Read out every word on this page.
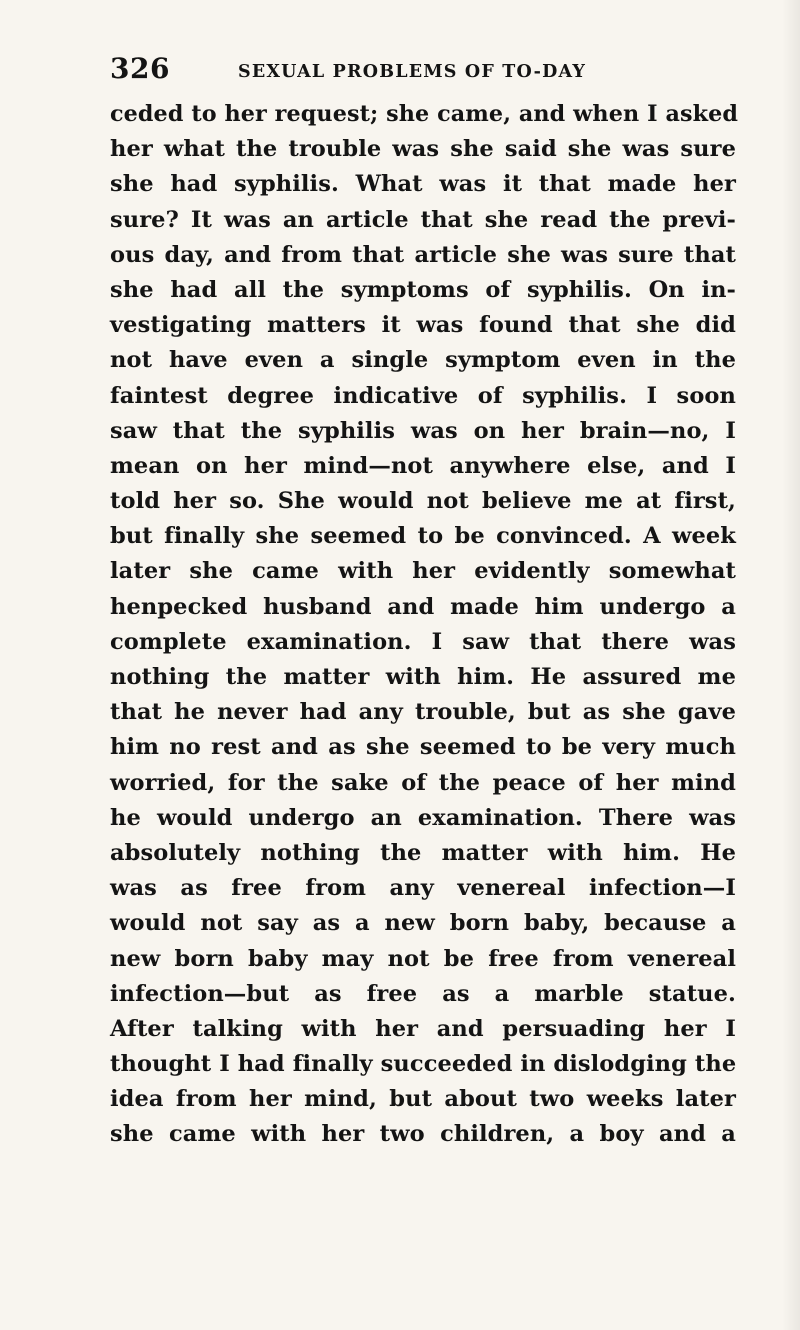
326	SEXUAL PROBLEMS OF TO-DAY
ceded to her request; she came, and when I asked
her what the trouble was she said she was sure
she had syphilis. What was it that made her
sure? It was an article that she read the previ-
ous day, and from that article she was sure that
she had all the symptoms of syphilis. On in-
vestigating matters it was found that she did
not have even a single symptom even in the
faintest degree indicative of syphilis. I soon
saw that the syphilis was on her brain—no, I
mean on her mind—not anywhere else, and I
told her so. She would not believe me at first,
but finally she seemed to be convinced. A week
later she came with her evidently somewhat
henpecked husband and made him undergo a
complete examination. I saw that there was
nothing the matter with him. He assured me
that he never had any trouble, but as she gave
him no rest and as she seemed to be very much
worried, for the sake of the peace of her mind
he would undergo an examination. There was
absolutely nothing the matter with him. He
was as free from any venereal infection—I
would not say as a new born baby, because a
new born baby may not be free from venereal
infection—but as free as a marble statue.
After talking with her and persuading her I
thought I had finally succeeded in dislodging the
idea from her mind, but about two weeks later
she came with her two children, a boy and a
